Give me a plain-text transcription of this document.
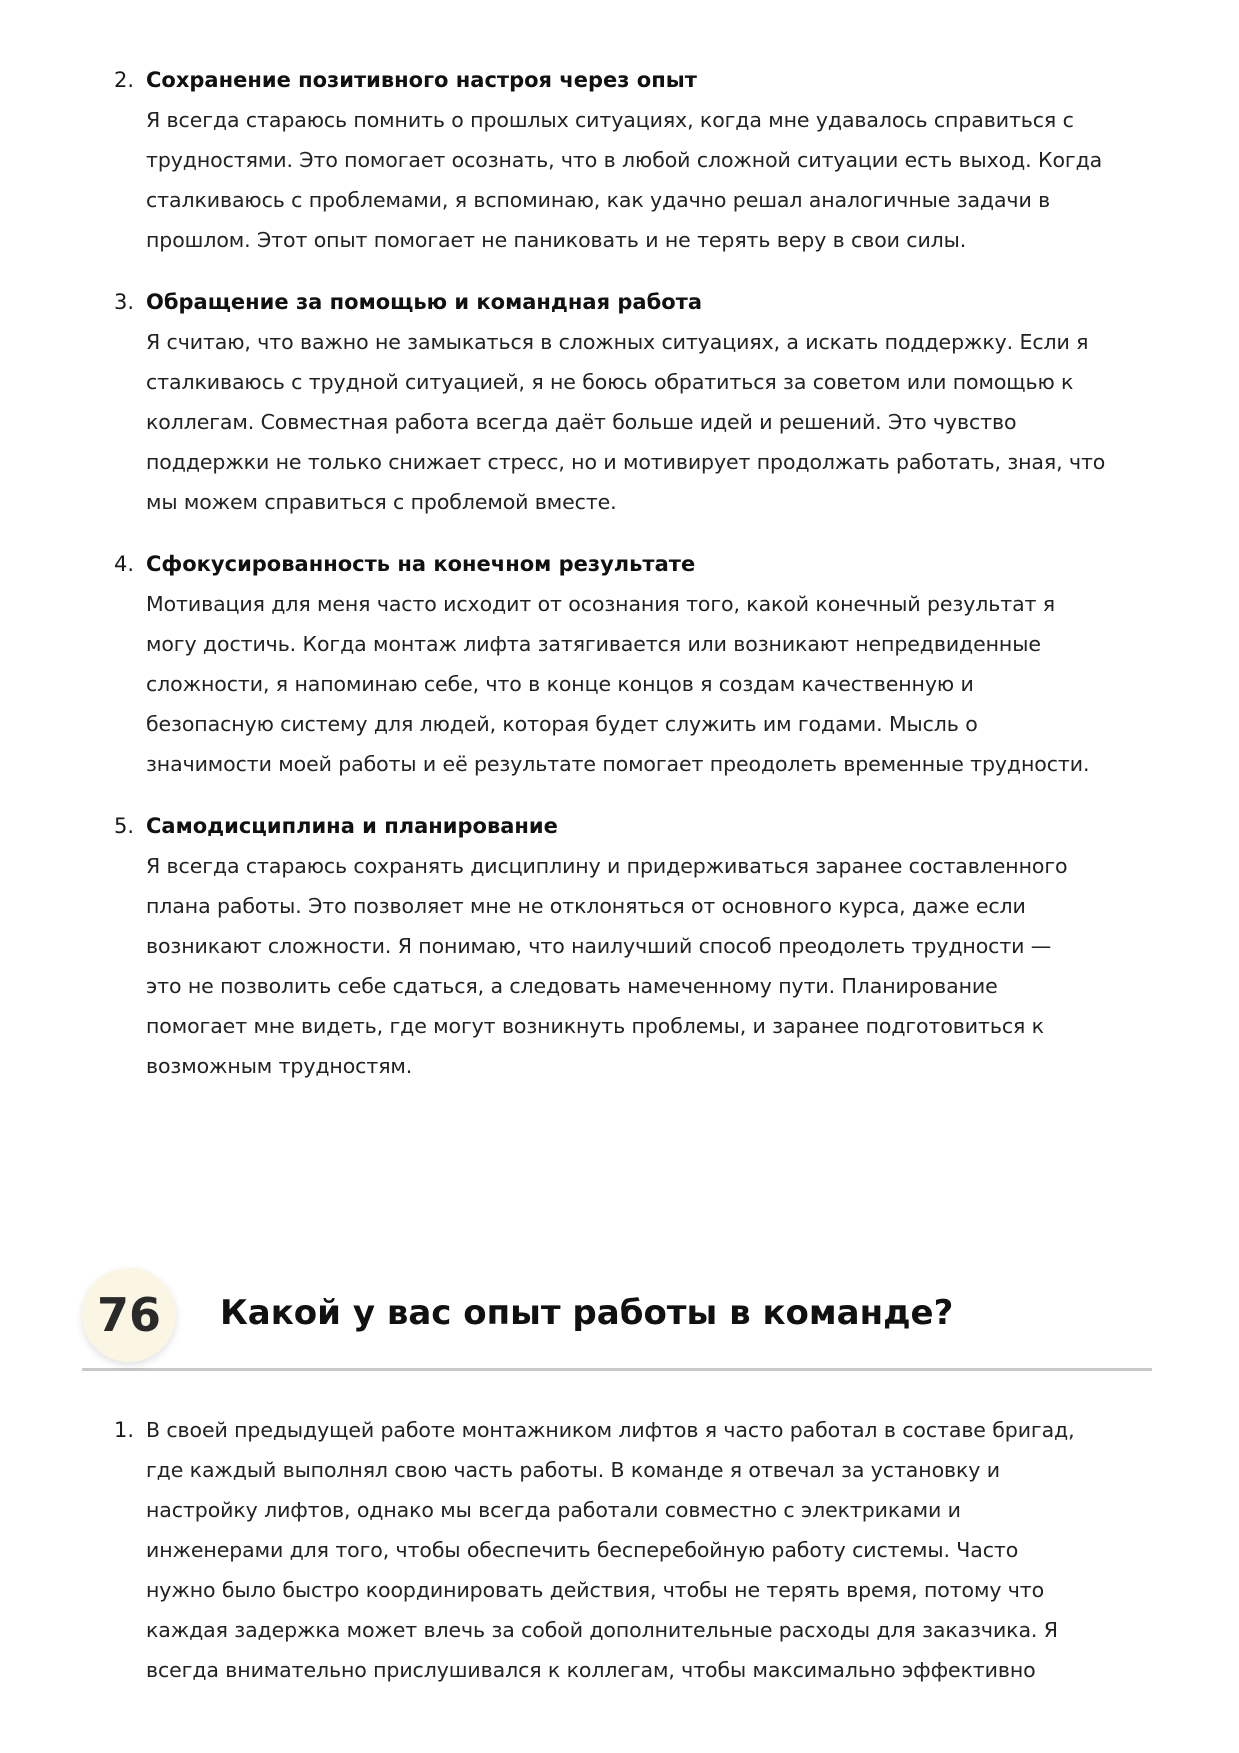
2. Сохранение позитивного настроя через опыт
Я всегда стараюсь помнить о прошлых ситуациях, когда мне удавалось справиться с
трудностями. Это помогает осознать, что в любой сложной ситуации есть выход. Когда
сталкиваюсь с проблемами, я вспоминаю, как удачно решал аналогичные задачи в
прошлом. Этот опыт помогает не паниковать и не терять веру в свои силы.
3. Обращение за помощью и командная работа
Я считаю, что важно не замыкаться в сложных ситуациях, а искать поддержку. Если я
сталкиваюсь с трудной ситуацией, я не боюсь обратиться за советом или помощью к
коллегам. Совместная работа всегда даёт больше идей и решений. Это чувство
поддержки не только снижает стресс, но и мотивирует продолжать работать, зная, что
мы можем справиться с проблемой вместе.
4. Сфокусированность на конечном результате
Мотивация для меня часто исходит от осознания того, какой конечный результат я
могу достичь. Когда монтаж лифта затягивается или возникают непредвиденные
сложности, я напоминаю себе, что в конце концов я создам качественную и
безопасную систему для людей, которая будет служить им годами. Мысль о
значимости моей работы и её результате помогает преодолеть временные трудности.
5. Самодисциплина и планирование
Я всегда стараюсь сохранять дисциплину и придерживаться заранее составленного
плана работы. Это позволяет мне не отклоняться от основного курса, даже если
возникают сложности. Я понимаю, что наилучший способ преодолеть трудности —
это не позволить себе сдаться, а следовать намеченному пути. Планирование
помогает мне видеть, где могут возникнуть проблемы, и заранее подготовиться к
возможным трудностям.
76	Какой у вас опыт работы в команде?
1. В своей предыдущей работе монтажником лифтов я часто работал в составе бригад,
где каждый выполнял свою часть работы. В команде я отвечал за установку и
настройку лифтов, однако мы всегда работали совместно с электриками и
инженерами для того, чтобы обеспечить бесперебойную работу системы. Часто
нужно было быстро координировать действия, чтобы не терять время, потому что
каждая задержка может влечь за собой дополнительные расходы для заказчика. Я
всегда внимательно прислушивался к коллегам, чтобы максимально эффективно
